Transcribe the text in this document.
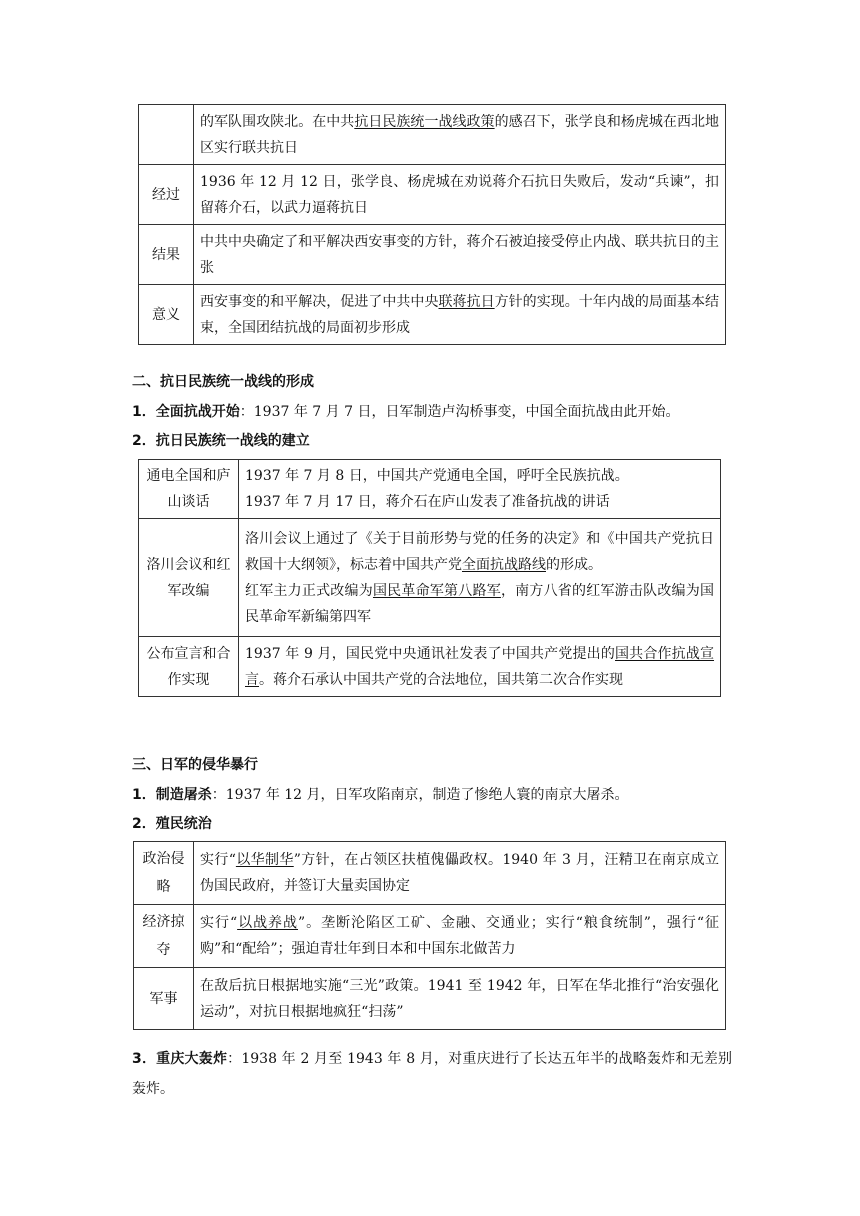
	的军队围攻陕北。在中共抗日民族统一战线政策的感召下，张学良和杨虎城在西北地区实行联共抗日
经过	1936 年 12 月 12 日，张学良、杨虎城在劝说蒋介石抗日失败后，发动“兵谏”，扣留蒋介石，以武力逼蒋抗日
结果	中共中央确定了和平解决西安事变的方针，蒋介石被迫接受停止内战、联共抗日的主张
意义	西安事变的和平解决，促进了中共中央联蒋抗日方针的实现。十年内战的局面基本结束，全国团结抗战的局面初步形成
二、抗日民族统一战线的形成
1．全面抗战开始：1937 年 7 月 7 日，日军制造卢沟桥事变，中国全面抗战由此开始。
2．抗日民族统一战线的建立
通电全国和庐山谈话	1937 年 7 月 8 日，中国共产党通电全国，呼吁全民族抗战。
1937 年 7 月 17 日，蒋介石在庐山发表了准备抗战的讲话

洛川会议和红军改编	洛川会议上通过了《关于目前形势与党的任务的决定》和《中国共产党抗日救国十大纲领》，标志着中国共产党全面抗战路线的形成。
红军主力正式改编为国民革命军第八路军，南方八省的红军游击队改编为国民革命军新编第四军

公布宣言和合作实现	1937 年 9 月，国民党中央通讯社发表了中国共产党提出的国共合作抗战宣言。蒋介石承认中国共产党的合法地位，国共第二次合作实现
三、日军的侵华暴行
1．制造屠杀：1937 年 12 月，日军攻陷南京，制造了惨绝人寰的南京大屠杀。
2．殖民统治
政治侵略	实行“以华制华”方针，在占领区扶植傀儡政权。1940 年 3 月，汪精卫在南京成立伪国民政府，并签订大量卖国协定
经济掠夺	实行“以战养战”。垄断沦陷区工矿、金融、交通业；实行“粮食统制”，强行“征购”和“配给”；强迫青壮年到日本和中国东北做苦力
军事	在敌后抗日根据地实施“三光”政策。1941 至 1942 年，日军在华北推行“治安强化运动”，对抗日根据地疯狂“扫荡”
3．重庆大轰炸：1938 年 2 月至 1943 年 8 月，对重庆进行了长达五年半的战略轰炸和无差别轰炸。
